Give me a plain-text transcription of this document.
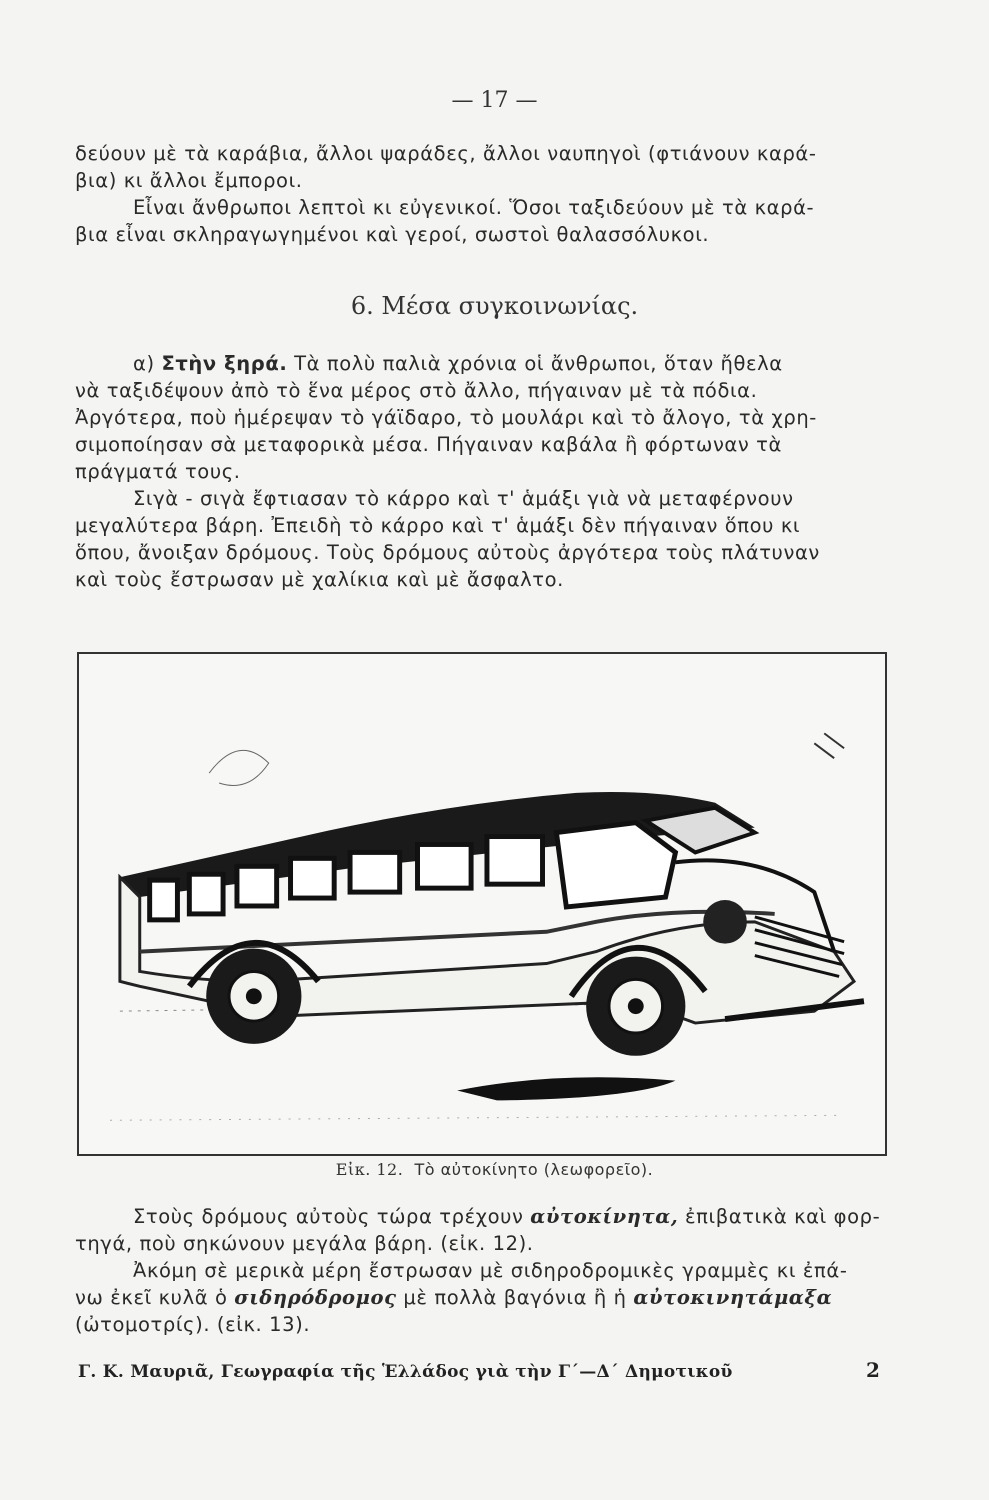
— 17 —

δεύουν μὲ τὰ καράβια, ἄλλοι ψαράδες, ἄλλοι ναυπηγοὶ (φτιάνουν καρά-

βια) κι ἄλλοι ἔμποροι.

Εἶναι ἄνθρωποι λεπτοὶ κι εὐγενικοί. Ὅσοι ταξιδεύουν μὲ τὰ καρά-

βια εἶναι σκληραγωγημένοι καὶ γεροί, σωστοὶ θαλασσόλυκοι.

6. Μέσα συγκοινωνίας.

α) Στὴν ξηρά. Τὰ πολὺ παλιὰ χρόνια οἱ ἄνθρωποι, ὅταν ἤθελα

νὰ ταξιδέψουν ἀπὸ τὸ ἕνα μέρος στὸ ἄλλο, πήγαιναν μὲ τὰ πόδια.

Ἀργότερα, ποὺ ἡμέρεψαν τὸ γάϊδαρο, τὸ μουλάρι καὶ τὸ ἄλογο, τὰ χρη-

σιμοποίησαν σὰ μεταφορικὰ μέσα. Πήγαιναν καβάλα ἢ φόρτωναν τὰ

πράγματά τους.

Σιγὰ - σιγὰ ἔφτιασαν τὸ κάρρο καὶ τ' ἁμάξι γιὰ νὰ μεταφέρνουν

μεγαλύτερα βάρη. Ἐπειδὴ τὸ κάρρο καὶ τ' ἁμάξι δὲν πήγαιναν ὅπου κι

ὅπου, ἄνοιξαν δρόμους. Τοὺς δρόμους αὐτοὺς ἀργότερα τοὺς πλάτυναν

καὶ τοὺς ἔστρωσαν μὲ χαλίκια καὶ μὲ ἄσφαλτο.

Εἰκ. 12. Τὸ αὐτοκίνητο (λεωφορεῖο).

Στοὺς δρόμους αὐτοὺς τώρα τρέχουν αὐτοκίνητα, ἐπιβατικὰ καὶ φορ-

τηγά, ποὺ σηκώνουν μεγάλα βάρη. (εἰκ. 12).

Ἀκόμη σὲ μερικὰ μέρη ἔστρωσαν μὲ σιδηροδρομικὲς γραμμὲς κι ἐπά-

νω ἐκεῖ κυλᾶ ὁ σιδηρόδρομος μὲ πολλὰ βαγόνια ἢ ἡ αὐτοκινητάμαξα

(ὠτομοτρίς). (εἰκ. 13).

Γ. Κ. Μαυριᾶ, Γεωγραφία τῆς Ἑλλάδος γιὰ τὴν Γ΄—Δ΄ Δημοτικοῦ	2
